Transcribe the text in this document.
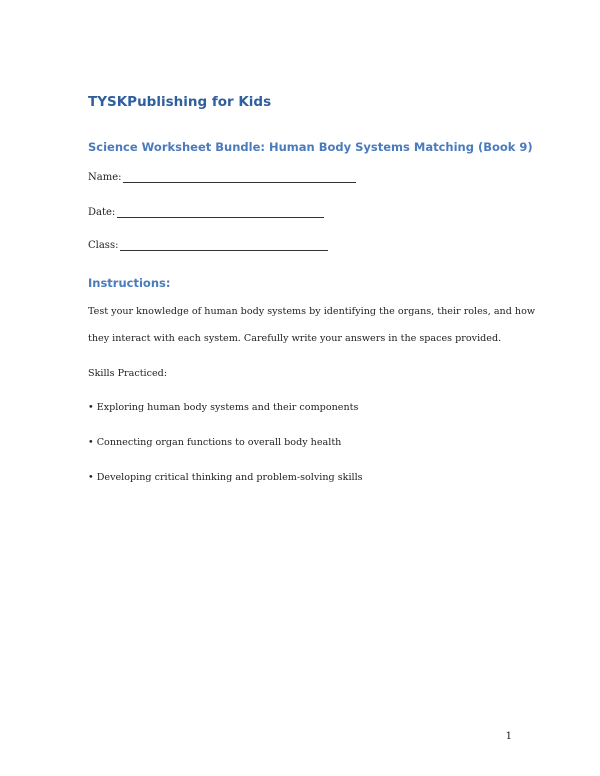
TYSKPublishing for Kids
Science Worksheet Bundle: Human Body Systems Matching (Book 9)
Name:
Date:
Class:
Instructions:
Test your knowledge of human body systems by identifying the organs, their roles, and how
they interact with each system. Carefully write your answers in the spaces provided.
Skills Practiced:
• Exploring human body systems and their components
• Connecting organ functions to overall body health
• Developing critical thinking and problem-solving skills
1
